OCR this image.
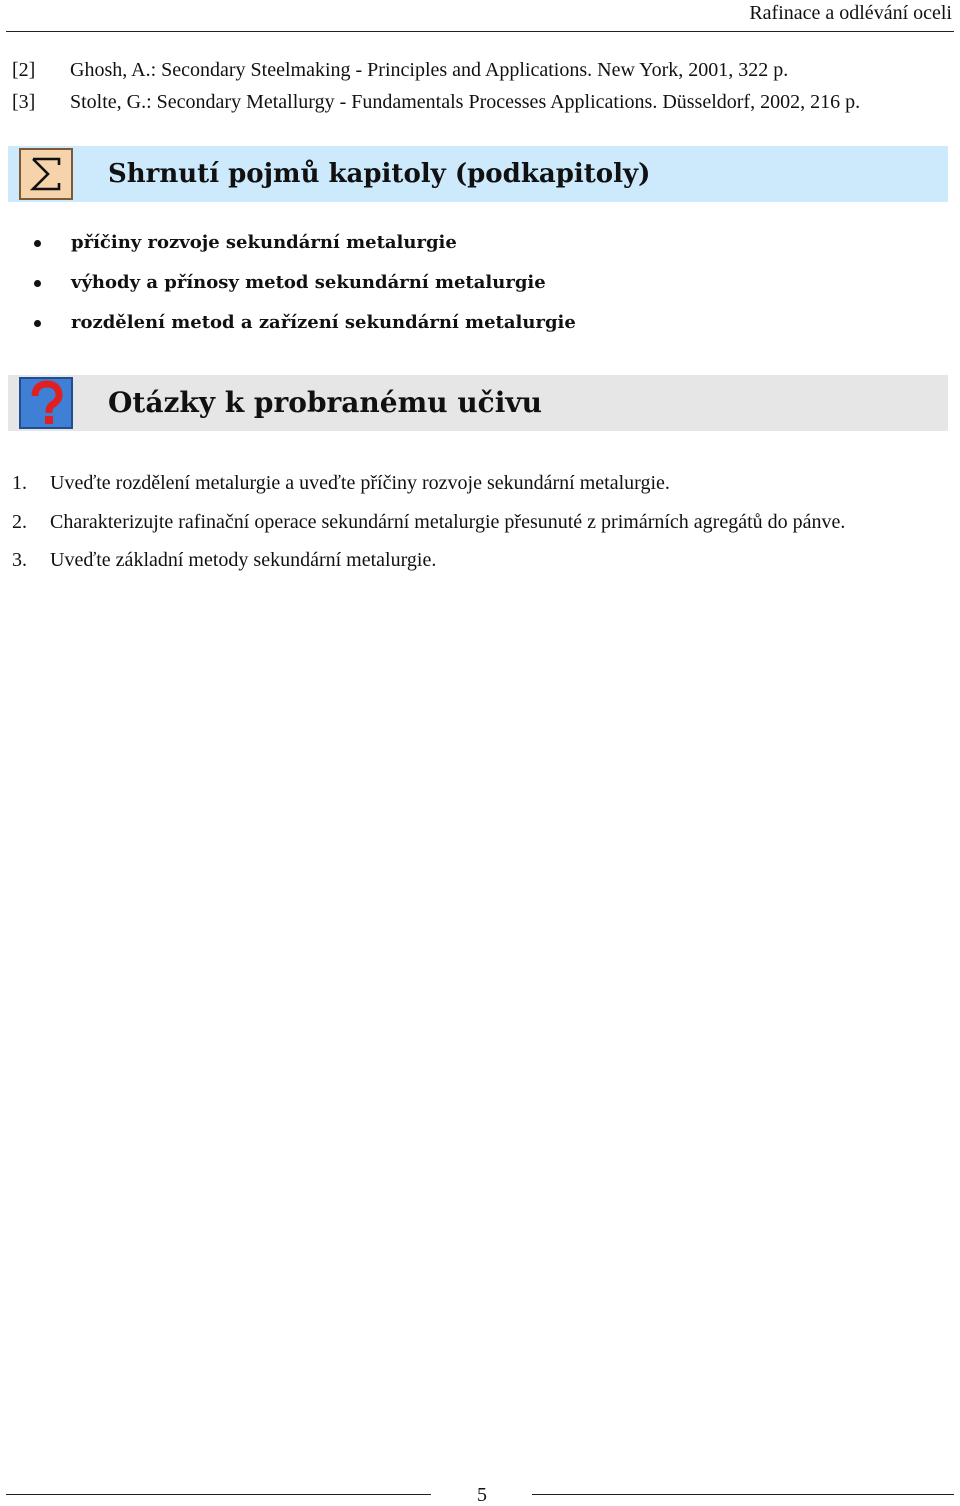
Rafinace a odlévání oceli
[2] Ghosh, A.: Secondary Steelmaking - Principles and Applications. New York, 2001, 322 p.
[3] Stolte, G.: Secondary Metallurgy - Fundamentals Processes Applications. Düsseldorf, 2002, 216 p.
Shrnutí pojmů kapitoly (podkapitoly)
příčiny rozvoje sekundární metalurgie
výhody a přínosy metod sekundární metalurgie
rozdělení metod a zařízení sekundární metalurgie
Otázky k probranému učivu
1. Uveďte rozdělení metalurgie a uveďte příčiny rozvoje sekundární metalurgie.
2. Charakterizujte rafinační operace sekundární metalurgie přesunuté z primárních agregátů do pánve.
3. Uveďte základní metody sekundární metalurgie.
5
